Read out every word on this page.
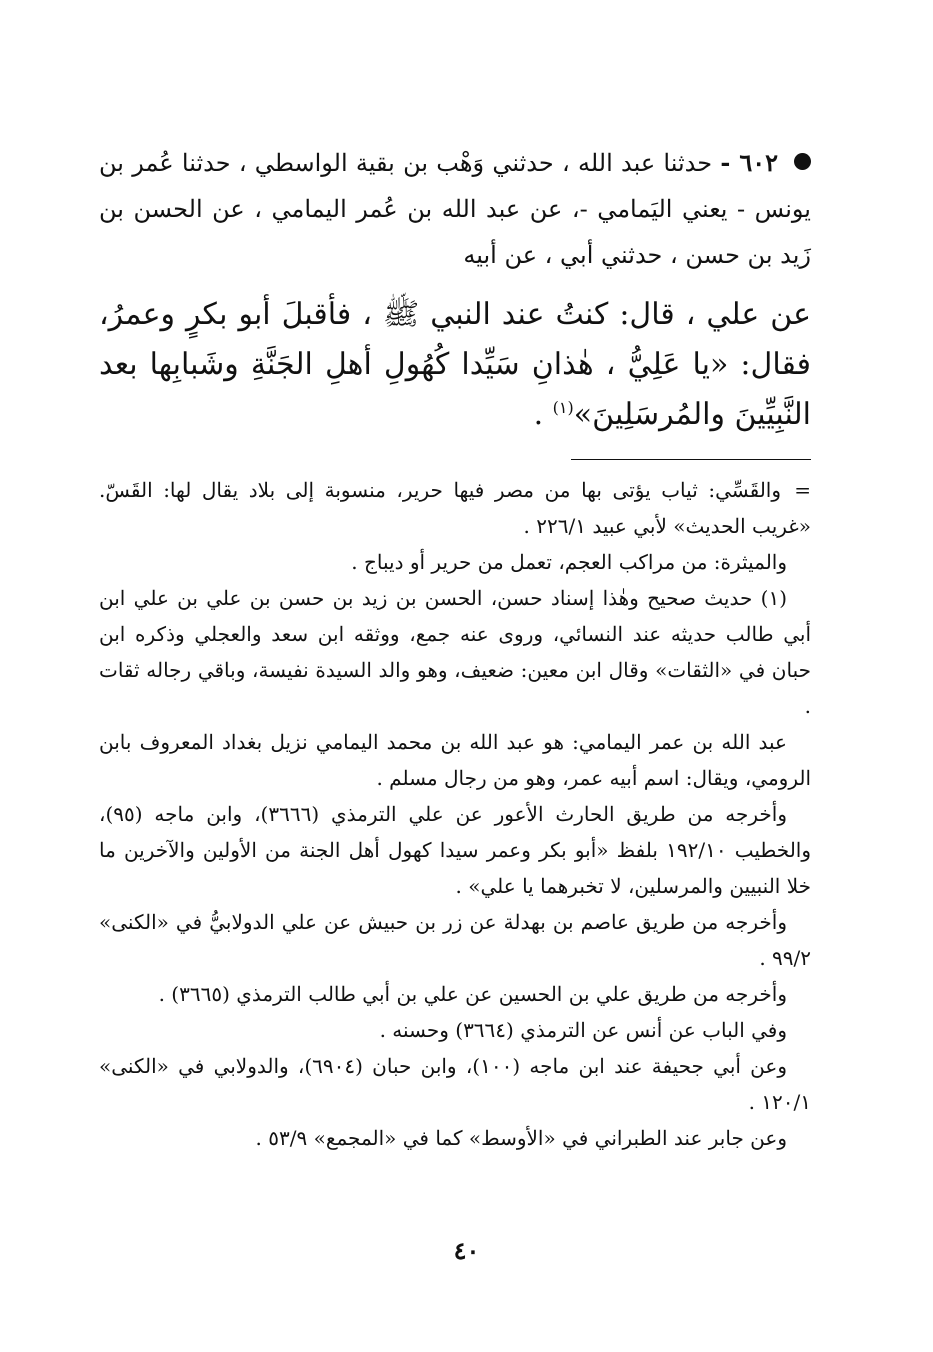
٦٠٢ - حدثنا عبد الله ، حدثني وَهْب بن بقية الواسطي ، حدثنا عُمر بن يونس - يعني اليَمامي -، عن عبد الله بن عُمر اليمامي ، عن الحسن بن زَيد بن حسن ، حدثني أبي ، عن أبيه
عن علي ، قال: كنتُ عند النبي ﷺ ، فأقبلَ أبو بكرٍ وعمرُ، فقال: «يا عَلِيُّ ، هٰذانِ سَيِّدا كُهُولِ أهلِ الجَنَّةِ وشَبابِها بعد النَّبِيِّينَ والمُرسَلِينَ»$^{(١)}$ .

=والقَسِّي: ثياب يؤتى بها من مصر فيها حرير، منسوبة إلى بلاد يقال لها: القَسّ. «غريب الحديث» لأبي عبيد ٢٢٦/١ .

والميثرة: من مراكب العجم، تعمل من حرير أو ديباج .

(١) حديث صحيح وهٰذا إسناد حسن، الحسن بن زيد بن حسن بن علي بن علي ابن أبي طالب حديثه عند النسائي، وروى عنه جمع، ووثقه ابن سعد والعجلي وذكره ابن حبان في «الثقات» وقال ابن معين: ضعيف، وهو والد السيدة نفيسة، وباقي رجاله ثقات .

عبد الله بن عمر اليمامي: هو عبد الله بن محمد اليمامي نزيل بغداد المعروف بابن الرومي، ويقال: اسم أبيه عمر، وهو من رجال مسلم .

وأخرجه من طريق الحارث الأعور عن علي الترمذي (٣٦٦٦)، وابن ماجه (٩٥)، والخطيب ١٩٢/١٠ بلفظ «أبو بكر وعمر سيدا كهول أهل الجنة من الأولين والآخرين ما خلا النبيين والمرسلين، لا تخبرهما يا علي» .

وأخرجه من طريق عاصم بن بهدلة عن زر بن حبيش عن علي الدولابيُّ في «الكنى» ٩٩/٢ .

وأخرجه من طريق علي بن الحسين عن علي بن أبي طالب الترمذي (٣٦٦٥) .

وفي الباب عن أنس عن الترمذي (٣٦٦٤) وحسنه .

وعن أبي جحيفة عند ابن ماجه (١٠٠)، وابن حبان (٦٩٠٤)، والدولابي في «الكنى» ١٢٠/١ .

وعن جابر عند الطبراني في «الأوسط» كما في «المجمع» ٥٣/٩ .

٤٠
